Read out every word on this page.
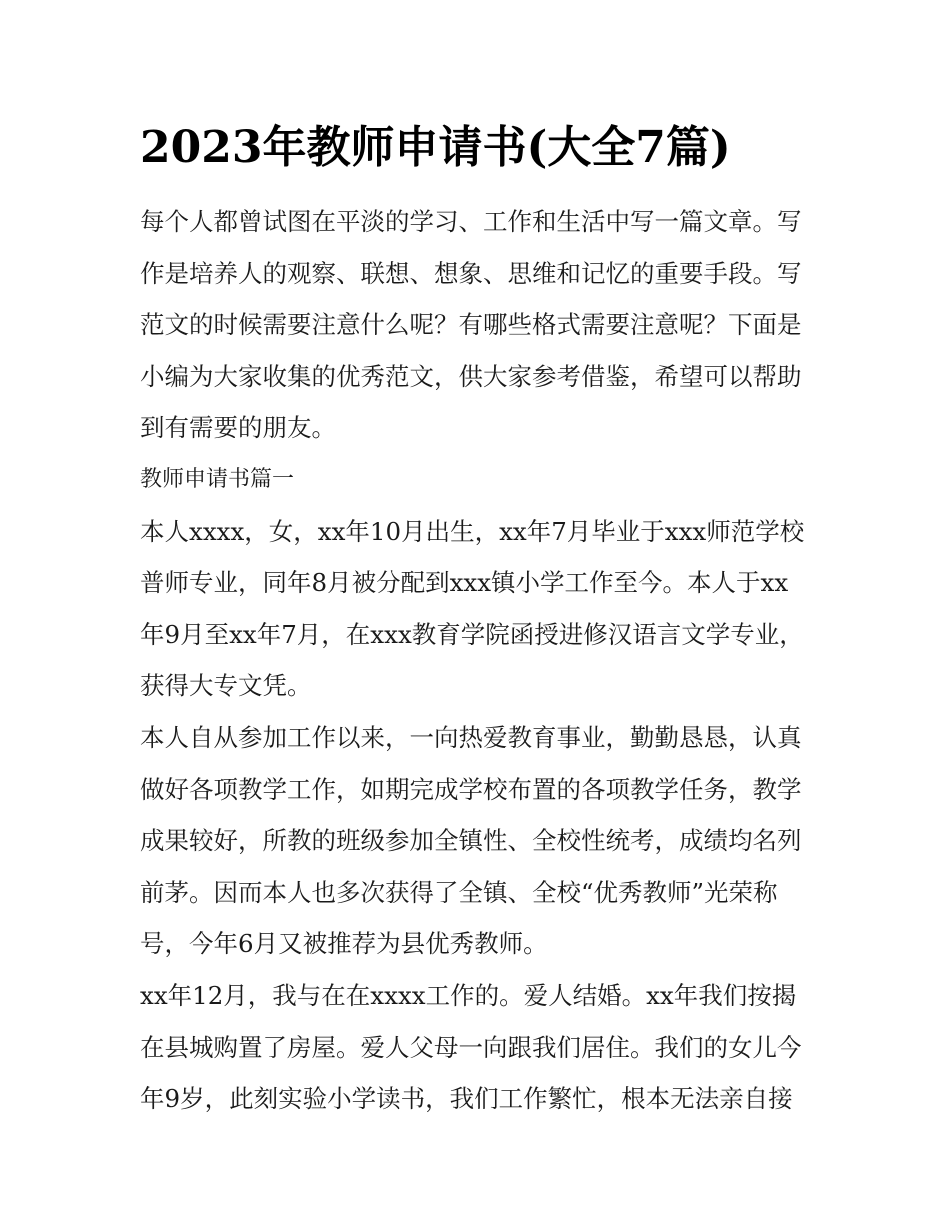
2023年教师申请书(大全7篇)

每个人都曾试图在平淡的学习、工作和生活中写一篇文章。写作是培养人的观察、联想、想象、思维和记忆的重要手段。写范文的时候需要注意什么呢？有哪些格式需要注意呢？下面是小编为大家收集的优秀范文，供大家参考借鉴，希望可以帮助到有需要的朋友。

教师申请书篇一

本人xxxx，女，xx年10月出生，xx年7月毕业于xxx师范学校普师专业，同年8月被分配到xxx镇小学工作至今。本人于xx年9月至xx年7月，在xxx教育学院函授进修汉语言文学专业，获得大专文凭。

本人自从参加工作以来，一向热爱教育事业，勤勤恳恳，认真做好各项教学工作，如期完成学校布置的各项教学任务，教学成果较好，所教的班级参加全镇性、全校性统考，成绩均名列前茅。因而本人也多次获得了全镇、全校“优秀教师”光荣称号，今年6月又被推荐为县优秀教师。

xx年12月，我与在在xxxx工作的。爱人结婚。xx年我们按揭在县城购置了房屋。爱人父母一向跟我们居住。我们的女儿今年9岁，此刻实验小学读书，我们工作繁忙，根本无法亲自接
